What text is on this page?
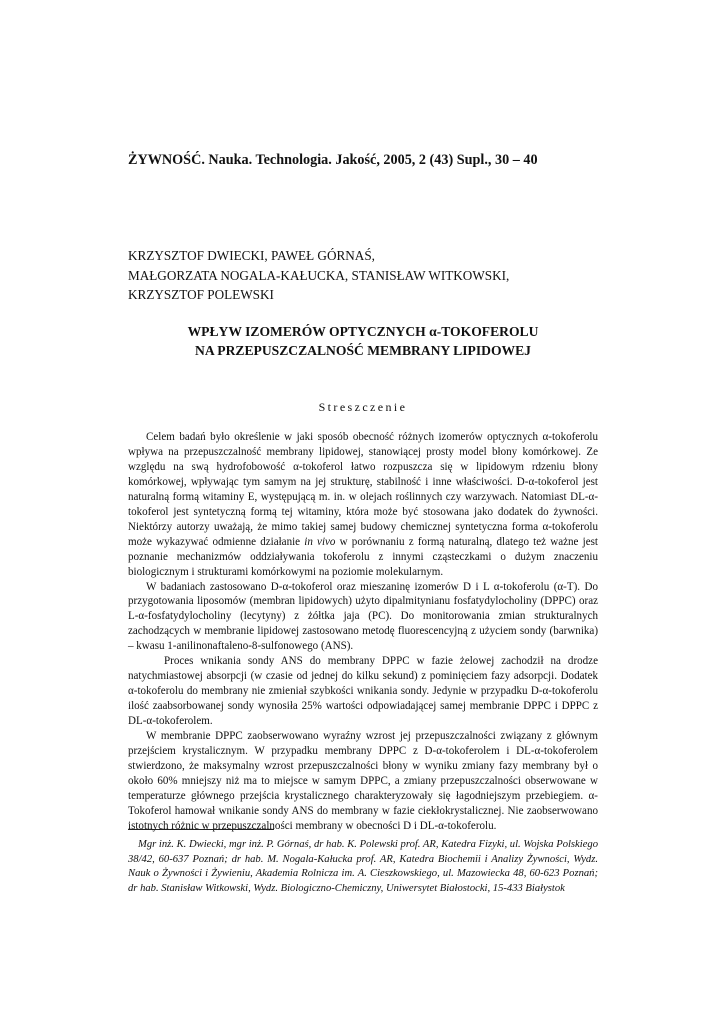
ŻYWNOŚĆ. Nauka. Technologia. Jakość, 2005, 2 (43) Supl., 30 – 40
KRZYSZTOF DWIECKI, PAWEŁ GÓRNAŚ,
MAŁGORZATA NOGALA-KAŁUCKA, STANISŁAW WITKOWSKI,
KRZYSZTOF POLEWSKI
WPŁYW IZOMERÓW OPTYCZNYCH α-TOKOFEROLU
NA PRZEPUSZCZALNOŚĆ MEMBRANY LIPIDOWEJ
Streszczenie

Celem badań było określenie w jaki sposób obecność różnych izomerów optycznych α-tokoferolu wpływa na przepuszczalność membrany lipidowej, stanowiącej prosty model błony komórkowej. Ze względu na swą hydrofobowość α-tokoferol łatwo rozpuszcza się w lipidowym rdzeniu błony komórkowej, wpływając tym samym na jej strukturę, stabilność i inne właściwości. D-α-tokoferol jest naturalną formą witaminy E, występującą m. in. w olejach roślinnych czy warzywach. Natomiast DL-α-tokoferol jest syntetyczną formą tej witaminy, która może być stosowana jako dodatek do żywności. Niektórzy autorzy uważają, że mimo takiej samej budowy chemicznej syntetyczna forma α-tokoferolu może wykazywać odmienne działanie in vivo w porównaniu z formą naturalną, dlatego też ważne jest poznanie mechanizmów oddziaływania tokoferolu z innymi cząsteczkami o dużym znaczeniu biologicznym i strukturami komórkowymi na poziomie molekularnym.

W badaniach zastosowano D-α-tokoferol oraz mieszaninę izomerów D i L α-tokoferolu (α-T). Do przygotowania liposomów (membran lipidowych) użyto dipalmitynianu fosfatydylocholiny (DPPC) oraz L-α-fosfatydylocholiny (lecytyny) z żółtka jaja (PC). Do monitorowania zmian strukturalnych zachodzących w membranie lipidowej zastosowano metodę fluorescencyjną z użyciem sondy (barwnika) – kwasu 1-anilinonaftaleno-8-sulfonowego (ANS).

Proces wnikania sondy ANS do membrany DPPC w fazie żelowej zachodził na drodze natychmiastowej absorpcji (w czasie od jednej do kilku sekund) z pominięciem fazy adsorpcji. Dodatek α-tokoferolu do membrany nie zmieniał szybkości wnikania sondy. Jedynie w przypadku D-α-tokoferolu ilość zaabsorbowanej sondy wynosiła 25% wartości odpowiadającej samej membranie DPPC i DPPC z DL-α-tokoferolem.

W membranie DPPC zaobserwowano wyraźny wzrost jej przepuszczalności związany z głównym przejściem krystalicznym. W przypadku membrany DPPC z D-α-tokoferolem i DL-α-tokoferolem stwierdzono, że maksymalny wzrost przepuszczalności błony w wyniku zmiany fazy membrany był o około 60% mniejszy niż ma to miejsce w samym DPPC, a zmiany przepuszczalności obserwowane w temperaturze głównego przejścia krystalicznego charakteryzowały się łagodniejszym przebiegiem. α-Tokoferol hamował wnikanie sondy ANS do membrany w fazie ciekłokrystalicznej. Nie zaobserwowano istotnych różnic w przepuszczalności membrany w obecności D i DL-α-tokoferolu.

Mgr inż. K. Dwiecki, mgr inż. P. Górnaś, dr hab. K. Polewski prof. AR, Katedra Fizyki, ul. Wojska Polskiego 38/42, 60-637 Poznań; dr hab. M. Nogala-Kałucka prof. AR, Katedra Biochemii i Analizy Żywności, Wydz. Nauk o Żywności i Żywieniu, Akademia Rolnicza im. A. Cieszkowskiego, ul. Mazowiecka 48, 60-623 Poznań; dr hab. Stanisław Witkowski, Wydz. Biologiczno-Chemiczny, Uniwersytet Białostocki, 15-433 Białystok
